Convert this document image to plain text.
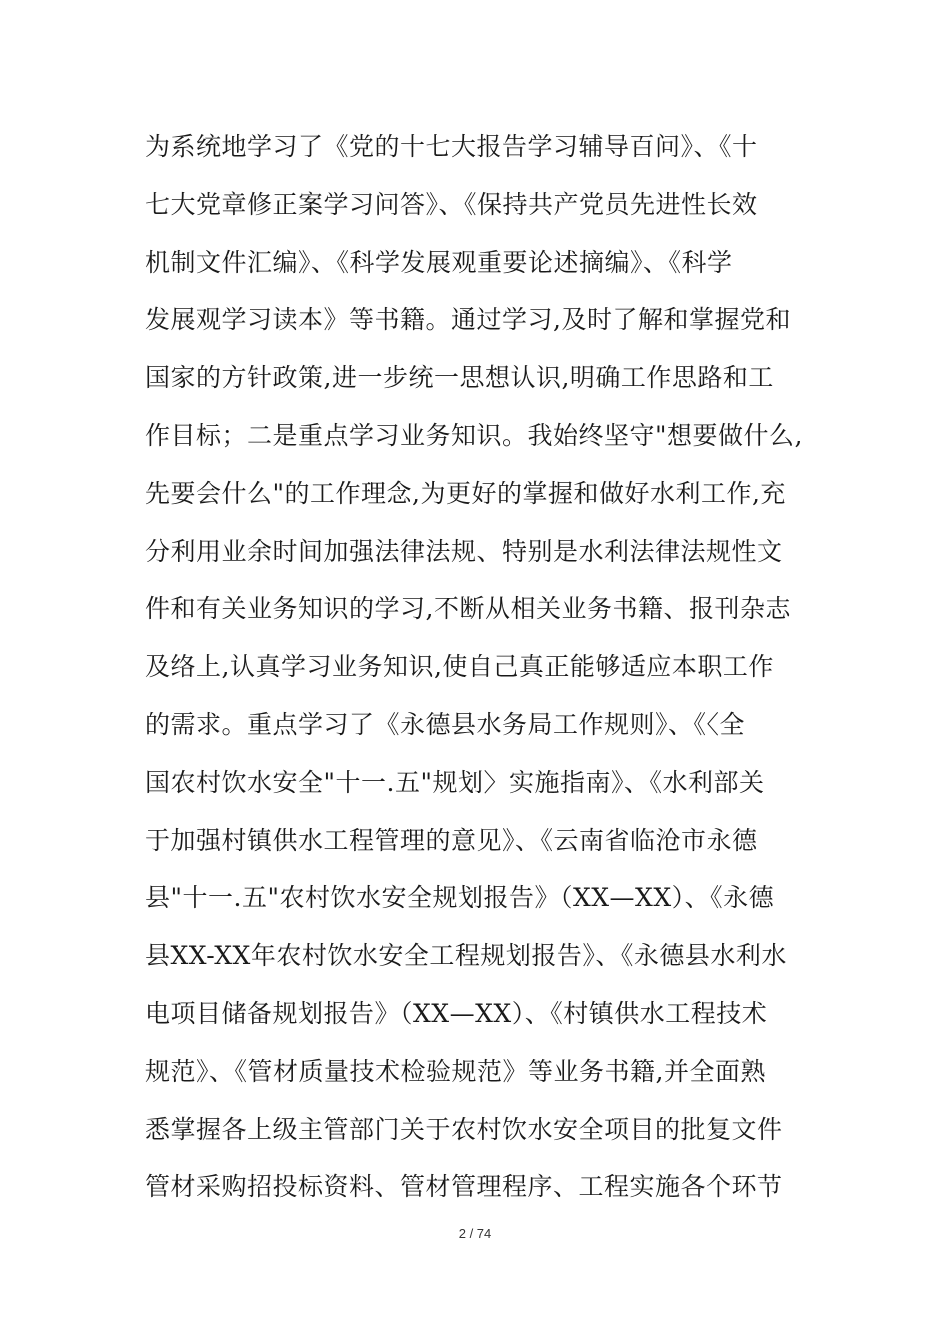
为系统地学习了《党的十七大报告学习辅导百问》、《十
七大党章修正案学习问答》、《保持共产党员先进性长效
机制文件汇编》、《科学发展观重要论述摘编》、《科学
发展观学习读本》等书籍。通过学习,及时了解和掌握党和
国家的方针政策,进一步统一思想认识,明确工作思路和工
作目标；二是重点学习业务知识。我始终坚守"想要做什么,
先要会什么"的工作理念,为更好的掌握和做好水利工作,充
分利用业余时间加强法律法规、特别是水利法律法规性文
件和有关业务知识的学习,不断从相关业务书籍、报刊杂志
及络上,认真学习业务知识,使自己真正能够适应本职工作
的需求。重点学习了《永德县水务局工作规则》、《〈全
国农村饮水安全"十一.五"规划〉实施指南》、《水利部关
于加强村镇供水工程管理的意见》、《云南省临沧市永德
县"十一.五"农村饮水安全规划报告》（XX—XX）、《永德
县XX-XX年农村饮水安全工程规划报告》、《永德县水利水
电项目储备规划报告》（XX—XX）、《村镇供水工程技术
规范》、《管材质量技术检验规范》等业务书籍,并全面熟
悉掌握各上级主管部门关于农村饮水安全项目的批复文件
管材采购招投标资料、管材管理程序、工程实施各个环节
2 / 74
